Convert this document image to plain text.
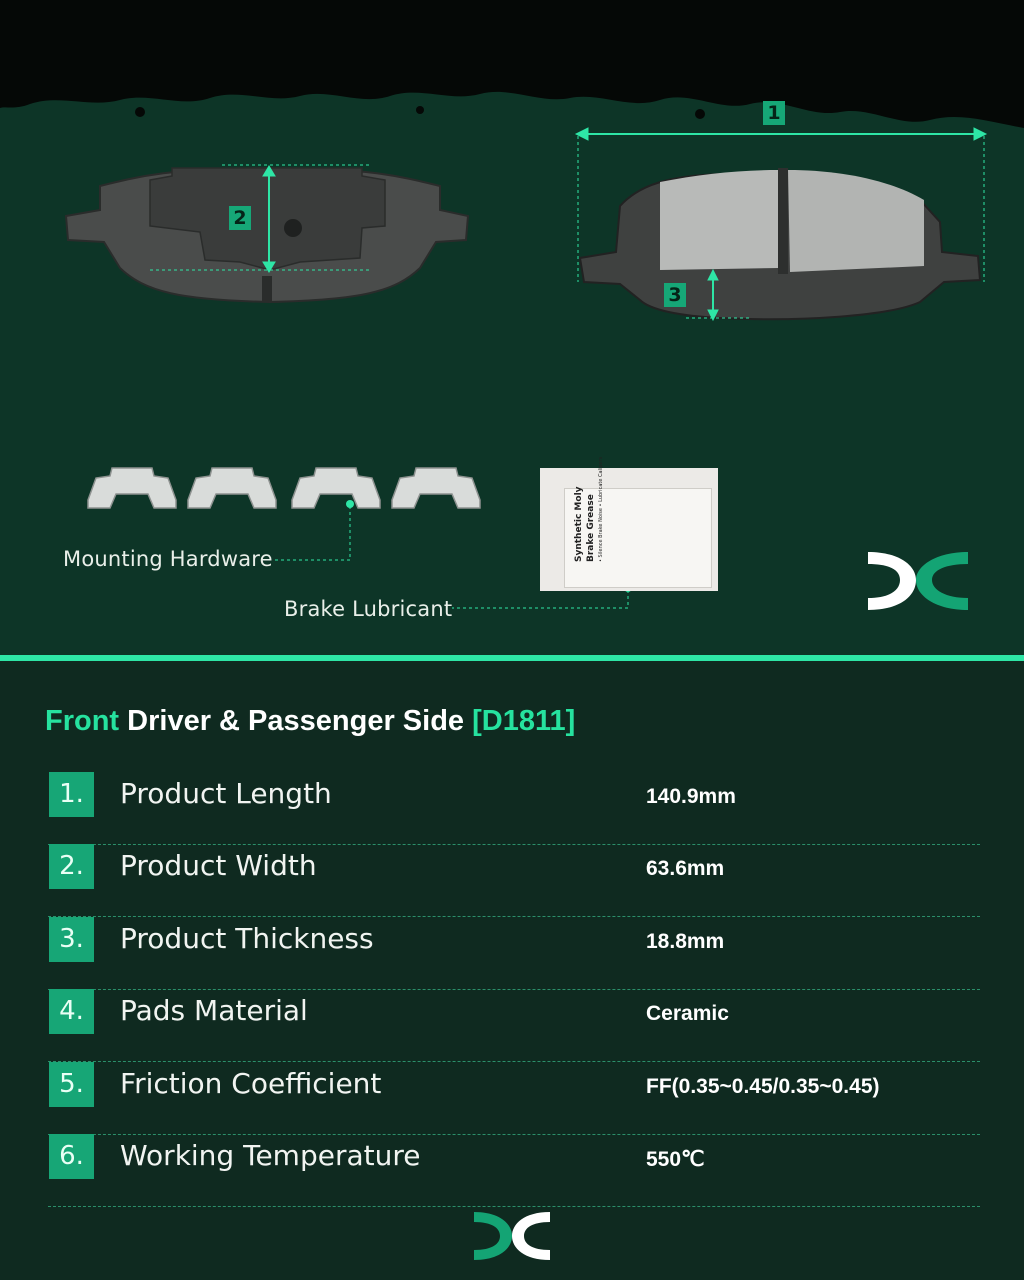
1
2
3
Synthetic Moly Brake Grease • Silence Brake Noise • Lubricate Calipers
Mounting Hardware
Brake Lubricant
Front Driver & Passenger Side [D1811]
1.	Product Length	140.9mm
2.	Product Width	63.6mm
3.	Product Thickness	18.8mm
4.	Pads Material	Ceramic
5.	Friction Coefficient	FF(0.35~0.45/0.35~0.45)
6.	Working Temperature	550℃
